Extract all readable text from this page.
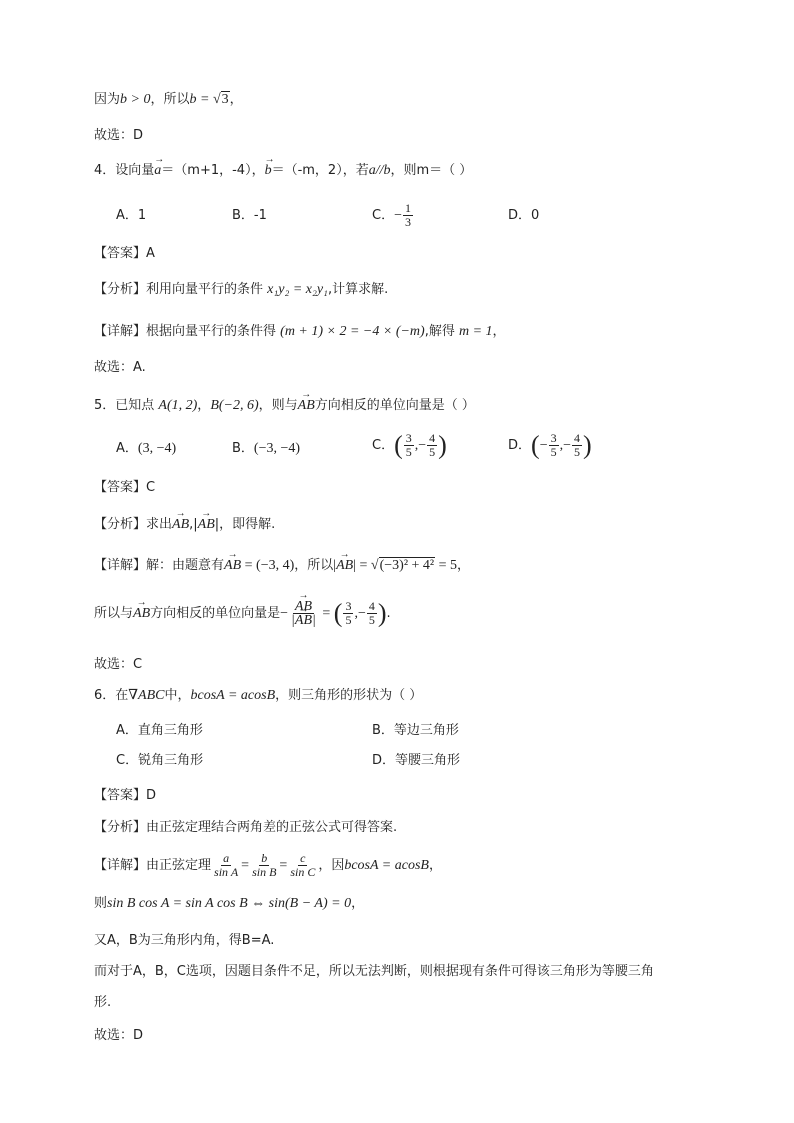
因为b > 0，所以b = √3，
故选：D
4．设向量→ a＝（m+1，-4），→ b＝（-m，2），若a//b，则m＝（ ）
A．1	B．-1	C．− $\frac{1}{3}$	D．0
【答案】A
【分析】利用向量平行的条件 x₁y₂ = x₂y₁,计算求解.
【详解】根据向量平行的条件得 (m + 1) × 2 = −4 × (−m),解得 m = 1，
故选：A.
5．已知点 A(1, 2)，B(−2, 6)，则与→ AB方向相反的单位向量是（ ）
A．(3, −4)	B．(−3, −4)	C．( $\frac{3}{5}$ ,− $\frac{4}{5}$ )	D．(− $\frac{3}{5}$ ,− $\frac{4}{5}$ )
【答案】C
【分析】求出→ AB,|→ AB|，即得解.
【详解】解：由题意有→ AB = (−3, 4)，所以|→ AB| = √(−3)² + 4² = 5，
所以与→ AB方向相反的单位向量是−
→ $\frac{AB}{|\to AB|}$ = ( $\frac{3}{5}$ ,− $\frac{4}{5}$ ).
故选：C
6．在∇ABC中，bcosA = acosB，则三角形的形状为（ ）
A．直角三角形	B．等边三角形
C．锐角三角形	D．等腰三角形
【答案】D
【分析】由正弦定理结合两角差的正弦公式可得答案.
【详解】由正弦定理 $\frac{a}{\text{sin A}} = \frac{b}{\text{sin B}} = \frac{c}{\text{sin C}}$ ，因bcosA = acosB，
则sin B cos A = sin A cos B ⇔ sin(B − A) = 0，
又A，B为三角形内角，得B=A.
而对于A，B，C选项，因题目条件不足，所以无法判断，则根据现有条件可得该三角形为等腰三角
形.
故选：D
